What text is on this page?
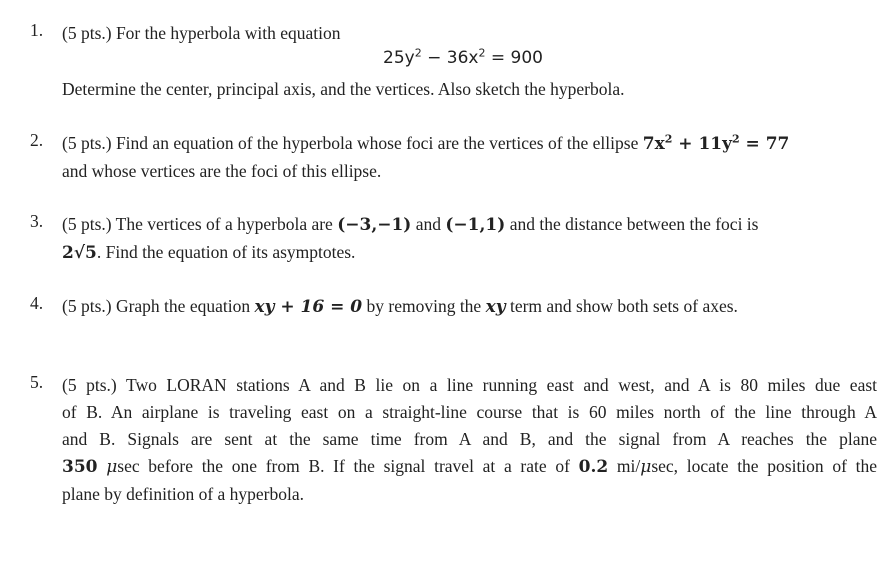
1. (5 pts.) For the hyperbola with equation
$25y^2 - 36x^2 = 900$
Determine the center, principal axis, and the vertices. Also sketch the hyperbola.
2. (5 pts.) Find an equation of the hyperbola whose foci are the vertices of the ellipse $7x^2 + 11y^2 = 77$
and whose vertices are the foci of this ellipse.
3. (5 pts.) The vertices of a hyperbola are (−3,−1) and (−1,1) and the distance between the foci is
2√5. Find the equation of its asymptotes.
4. (5 pts.) Graph the equation xy + 16 = 0 by removing the xy term and show both sets of axes.
5. (5 pts.) Two LORAN stations A and B lie on a line running east and west, and A is 80 miles due east
of B. An airplane is traveling east on a straight-line course that is 60 miles north of the line through A
and B. Signals are sent at the same time from A and B, and the signal from A reaches the plane
350 μsec before the one from B. If the signal travel at a rate of 0.2 mi/μsec, locate the position of the
plane by definition of a hyperbola.
